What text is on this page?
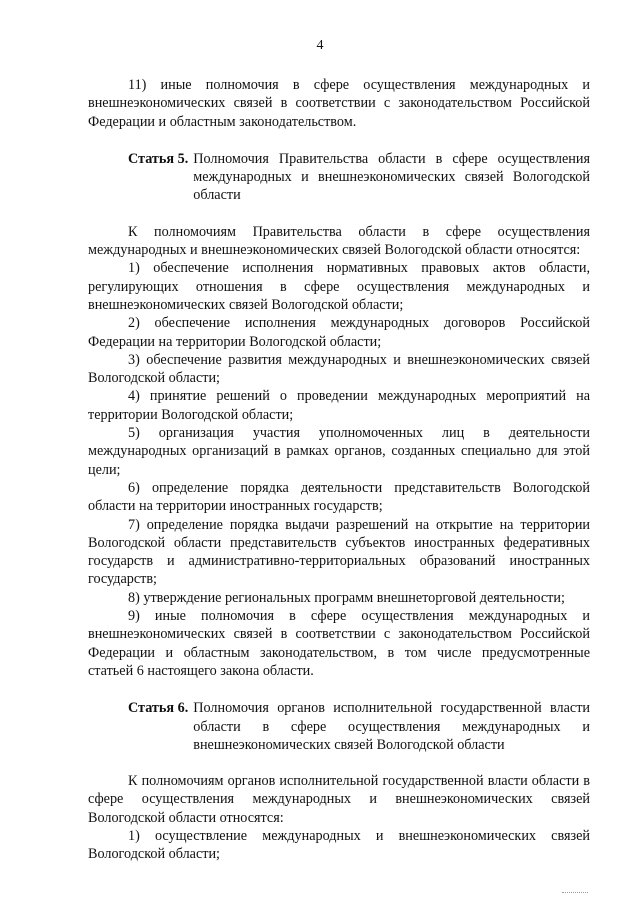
4

11) иные полномочия в сфере осуществления международных и внешнеэкономических связей в соответствии с законодательством Российской Федерации и областным законодательством.

Статья 5. Полномочия Правительства области в сфере осуществления международных и внешнеэкономических связей Вологодской области

К полномочиям Правительства области в сфере осуществления международных и внешнеэкономических связей Вологодской области относятся:

1) обеспечение исполнения нормативных правовых актов области, регулирующих отношения в сфере осуществления международных и внешнеэкономических связей Вологодской области;

2) обеспечение исполнения международных договоров Российской Федерации на территории Вологодской области;

3) обеспечение развития международных и внешнеэкономических связей Вологодской области;

4) принятие решений о проведении международных мероприятий на территории Вологодской области;

5) организация участия уполномоченных лиц в деятельности международных организаций в рамках органов, созданных специально для этой цели;

6) определение порядка деятельности представительств Вологодской области на территории иностранных государств;

7) определение порядка выдачи разрешений на открытие на территории Вологодской области представительств субъектов иностранных федеративных государств и административно-территориальных образований иностранных государств;

8) утверждение региональных программ внешнеторговой деятельности;

9) иные полномочия в сфере осуществления международных и внешнеэкономических связей в соответствии с законодательством Российской Федерации и областным законодательством, в том числе предусмотренные статьей 6 настоящего закона области.

Статья 6. Полномочия органов исполнительной государственной власти области в сфере осуществления международных и внешнеэкономических связей Вологодской области

К полномочиям органов исполнительной государственной власти области в сфере осуществления международных и внешнеэкономических связей Вологодской области относятся:

1) осуществление международных и внешнеэкономических связей Вологодской области;
